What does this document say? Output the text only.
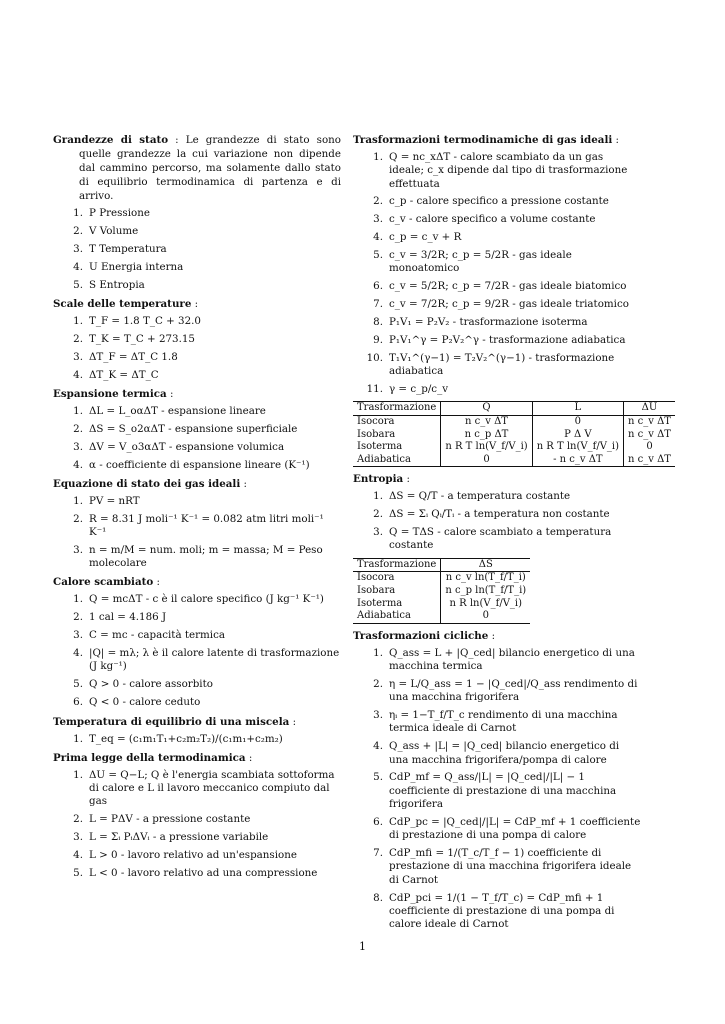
Grandezze di stato : Le grandezze di stato sono quelle grandezze la cui variazione non dipende dal cammino percorso, ma solamente dallo stato di equilibrio termodinamica di partenza e di arrivo.
1. P Pressione
2. V Volume
3. T Temperatura
4. U Energia interna
5. S Entropia
Scale delle temperature :
1. T_F = 1.8 T_C + 32.0
2. T_K = T_C + 273.15
3. ΔT_F = ΔT_C 1.8
4. ΔT_K = ΔT_C
Espansione termica :
1. ΔL = L_oαΔT - espansione lineare
2. ΔS = S_o2αΔT - espansione superficiale
3. ΔV = V_o3αΔT - espansione volumica
4. α - coefficiente di espansione lineare (K⁻¹)
Equazione di stato dei gas ideali :
1. PV = nRT
2. R = 8.31 J moli⁻¹ K⁻¹ = 0.082 atm litri moli⁻¹ K⁻¹
3. n = m/M = num. moli; m = massa; M = Peso molecolare
Calore scambiato :
1. Q = mcΔT - c è il calore specifico (J kg⁻¹ K⁻¹)
2. 1 cal = 4.186 J
3. C = mc - capacità termica
4. |Q| = mλ; λ è il calore latente di trasformazione (J kg⁻¹)
5. Q > 0 - calore assorbito
6. Q < 0 - calore ceduto
Temperatura di equilibrio di una miscela :
1. T_eq = (c₁m₁T₁+c₂m₂T₂)/(c₁m₁+c₂m₂)
Prima legge della termodinamica :
1. ΔU = Q−L; Q è l'energia scambiata sottoforma di calore e L il lavoro meccanico compiuto dal gas
2. L = PΔV - a pressione costante
3. L = Σᵢ PᵢΔVᵢ - a pressione variabile
4. L > 0 - lavoro relativo ad un'espansione
5. L < 0 - lavoro relativo ad una compressione
Trasformazioni termodinamiche di gas ideali :
1. Q = nc_xΔT - calore scambiato da un gas ideale; c_x dipende dal tipo di trasformazione effettuata
2. c_p - calore specifico a pressione costante
3. c_v - calore specifico a volume costante
4. c_p = c_v + R
5. c_v = 3/2R; c_p = 5/2R - gas ideale monoatomico
6. c_v = 5/2R; c_p = 7/2R - gas ideale biatomico
7. c_v = 7/2R; c_p = 9/2R - gas ideale triatomico
8. P₁V₁ = P₂V₂ - trasformazione isoterma
9. P₁V₁^γ = P₂V₂^γ - trasformazione adiabatica
10. T₁V₁^(γ−1) = T₂V₂^(γ−1) - trasformazione adiabatica
11. γ = c_p/c_v
Trasformazione	Q	L	ΔU
Isocora	n c_v ΔT	0	n c_v ΔT
Isobara	n c_p ΔT	P Δ V	n c_v ΔT
Isoterma	n R T ln(V_f/V_i)	n R T ln(V_f/V_i)	0
Adiabatica	0	- n c_v ΔT	n c_v ΔT
Entropia :
1. ΔS = Q/T - a temperatura costante
2. ΔS = Σᵢ Qᵢ/Tᵢ - a temperatura non costante
3. Q = TΔS - calore scambiato a temperatura costante
Trasformazione	ΔS
Isocora	n c_v ln(T_f/T_i)
Isobara	n c_p ln(T_f/T_i)
Isoterma	n R ln(V_f/V_i)
Adiabatica	0
Trasformazioni cicliche :
1. Q_ass = L + |Q_ced| bilancio energetico di una macchina termica
2. η = L/Q_ass = 1 − |Q_ced|/Q_ass rendimento di una macchina frigorifera
3. ηᵢ = 1−T_f/T_c rendimento di una macchina termica ideale di Carnot
4. Q_ass + |L| = |Q_ced| bilancio energetico di una macchina frigorifera/pompa di calore
5. CdP_mf = Q_ass/|L| = |Q_ced|/|L| − 1 coefficiente di prestazione di una macchina frigorifera
6. CdP_pc = |Q_ced|/|L| = CdP_mf + 1 coefficiente di prestazione di una pompa di calore
7. CdP_mfi = 1/(T_c/T_f − 1) coefficiente di prestazione di una macchina frigorifera ideale di Carnot
8. CdP_pci = 1/(1 − T_f/T_c) = CdP_mfi + 1 coefficiente di prestazione di una pompa di calore ideale di Carnot
1
